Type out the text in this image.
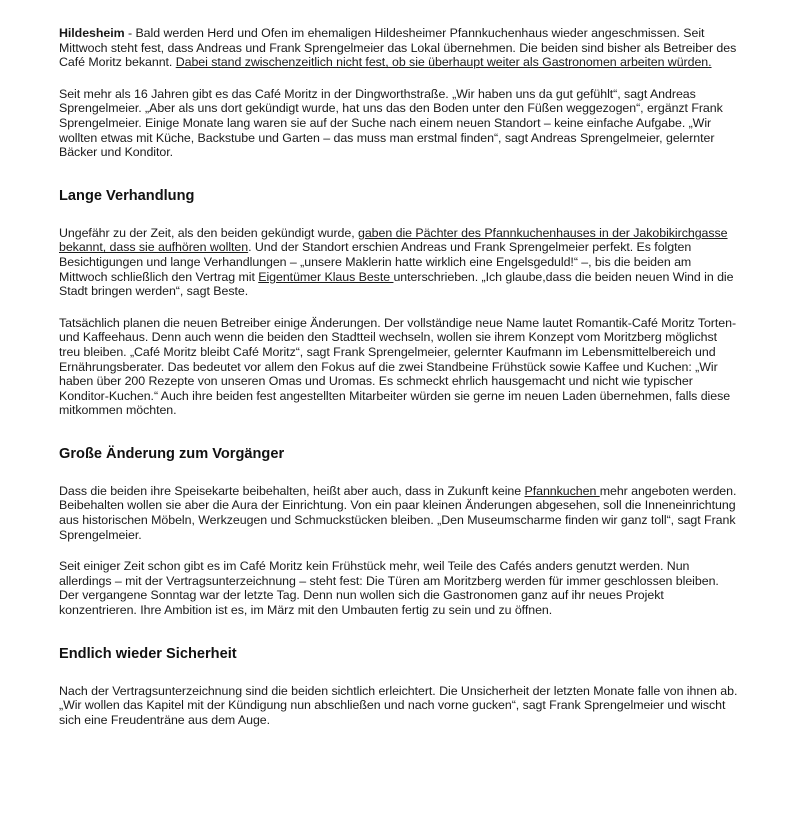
Hildesheim - Bald werden Herd und Ofen im ehemaligen Hildesheimer Pfannkuchenhaus wieder angeschmissen. Seit Mittwoch steht fest, dass Andreas und Frank Sprengelmeier das Lokal übernehmen. Die beiden sind bisher als Betreiber des Café Moritz bekannt. Dabei stand zwischenzeitlich nicht fest, ob sie überhaupt weiter als Gastronomen arbeiten würden.

Seit mehr als 16 Jahren gibt es das Café Moritz in der Dingworthstraße. „Wir haben uns da gut gefühlt“, sagt Andreas Sprengelmeier. „Aber als uns dort gekündigt wurde, hat uns das den Boden unter den Füßen weggezogen“, ergänzt Frank Sprengelmeier. Einige Monate lang waren sie auf der Suche nach einem neuen Standort – keine einfache Aufgabe. „Wir wollten etwas mit Küche, Backstube und Garten – das muss man erstmal finden“, sagt Andreas Sprengelmeier, gelernter Bäcker und Konditor.

Lange Verhandlung

Ungefähr zu der Zeit, als den beiden gekündigt wurde, gaben die Pächter des Pfannkuchenhauses in der Jakobikirchgasse bekannt, dass sie aufhören wollten. Und der Standort erschien Andreas und Frank Sprengelmeier perfekt. Es folgten Besichtigungen und lange Verhandlungen – „unsere Maklerin hatte wirklich eine Engelsgeduld!“ –, bis die beiden am Mittwoch schließlich den Vertrag mit Eigentümer Klaus Beste unterschrieben. „Ich glaube,dass die beiden neuen Wind in die Stadt bringen werden“, sagt Beste.

Tatsächlich planen die neuen Betreiber einige Änderungen. Der vollständige neue Name lautet Romantik-Café Moritz Torten- und Kaffeehaus. Denn auch wenn die beiden den Stadtteil wechseln, wollen sie ihrem Konzept vom Moritzberg möglichst treu bleiben. „Café Moritz bleibt Café Moritz“, sagt Frank Sprengelmeier, gelernter Kaufmann im Lebensmittelbereich und Ernährungsberater. Das bedeutet vor allem den Fokus auf die zwei Standbeine Frühstück sowie Kaffee und Kuchen: „Wir haben über 200 Rezepte von unseren Omas und Uromas. Es schmeckt ehrlich hausgemacht und nicht wie typischer Konditor-Kuchen.“ Auch ihre beiden fest angestellten Mitarbeiter würden sie gerne im neuen Laden übernehmen, falls diese mitkommen möchten.

Große Änderung zum Vorgänger

Dass die beiden ihre Speisekarte beibehalten, heißt aber auch, dass in Zukunft keine Pfannkuchen mehr angeboten werden. Beibehalten wollen sie aber die Aura der Einrichtung. Von ein paar kleinen Änderungen abgesehen, soll die Inneneinrichtung aus historischen Möbeln, Werkzeugen und Schmuckstücken bleiben. „Den Museumscharme finden wir ganz toll“, sagt Frank Sprengelmeier.

Seit einiger Zeit schon gibt es im Café Moritz kein Frühstück mehr, weil Teile des Cafés anders genutzt werden. Nun allerdings – mit der Vertragsunterzeichnung – steht fest: Die Türen am Moritzberg werden für immer geschlossen bleiben. Der vergangene Sonntag war der letzte Tag. Denn nun wollen sich die Gastronomen ganz auf ihr neues Projekt konzentrieren. Ihre Ambition ist es, im März mit den Umbauten fertig zu sein und zu öffnen.

Endlich wieder Sicherheit

Nach der Vertragsunterzeichnung sind die beiden sichtlich erleichtert. Die Unsicherheit der letzten Monate falle von ihnen ab. „Wir wollen das Kapitel mit der Kündigung nun abschließen und nach vorne gucken“, sagt Frank Sprengelmeier und wischt sich eine Freudenträne aus dem Auge.
